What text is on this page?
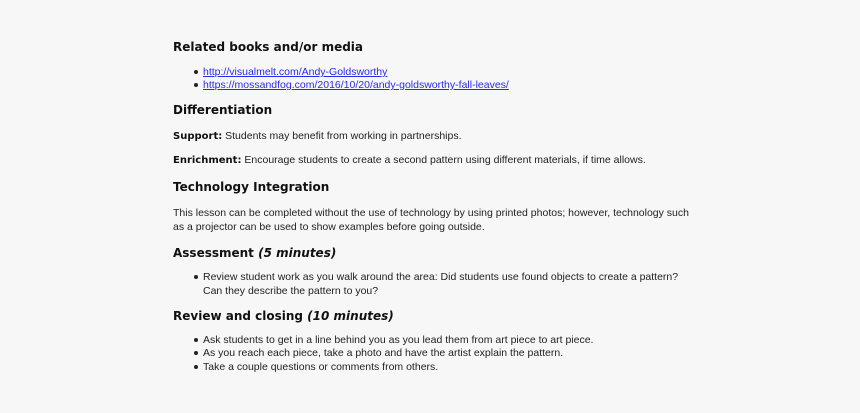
Related books and/or media
http://visualmelt.com/Andy-Goldsworthy
https://mossandfog.com/2016/10/20/andy-goldsworthy-fall-leaves/
Differentiation
Support: Students may benefit from working in partnerships.
Enrichment: Encourage students to create a second pattern using different materials, if time allows.
Technology Integration
This lesson can be completed without the use of technology by using printed photos; however, technology such
as a projector can be used to show examples before going outside.
Assessment (5 minutes)
Review student work as you walk around the area: Did students use found objects to create a pattern?
Can they describe the pattern to you?
Review and closing (10 minutes)
Ask students to get in a line behind you as you lead them from art piece to art piece.
As you reach each piece, take a photo and have the artist explain the pattern.
Take a couple questions or comments from others.
